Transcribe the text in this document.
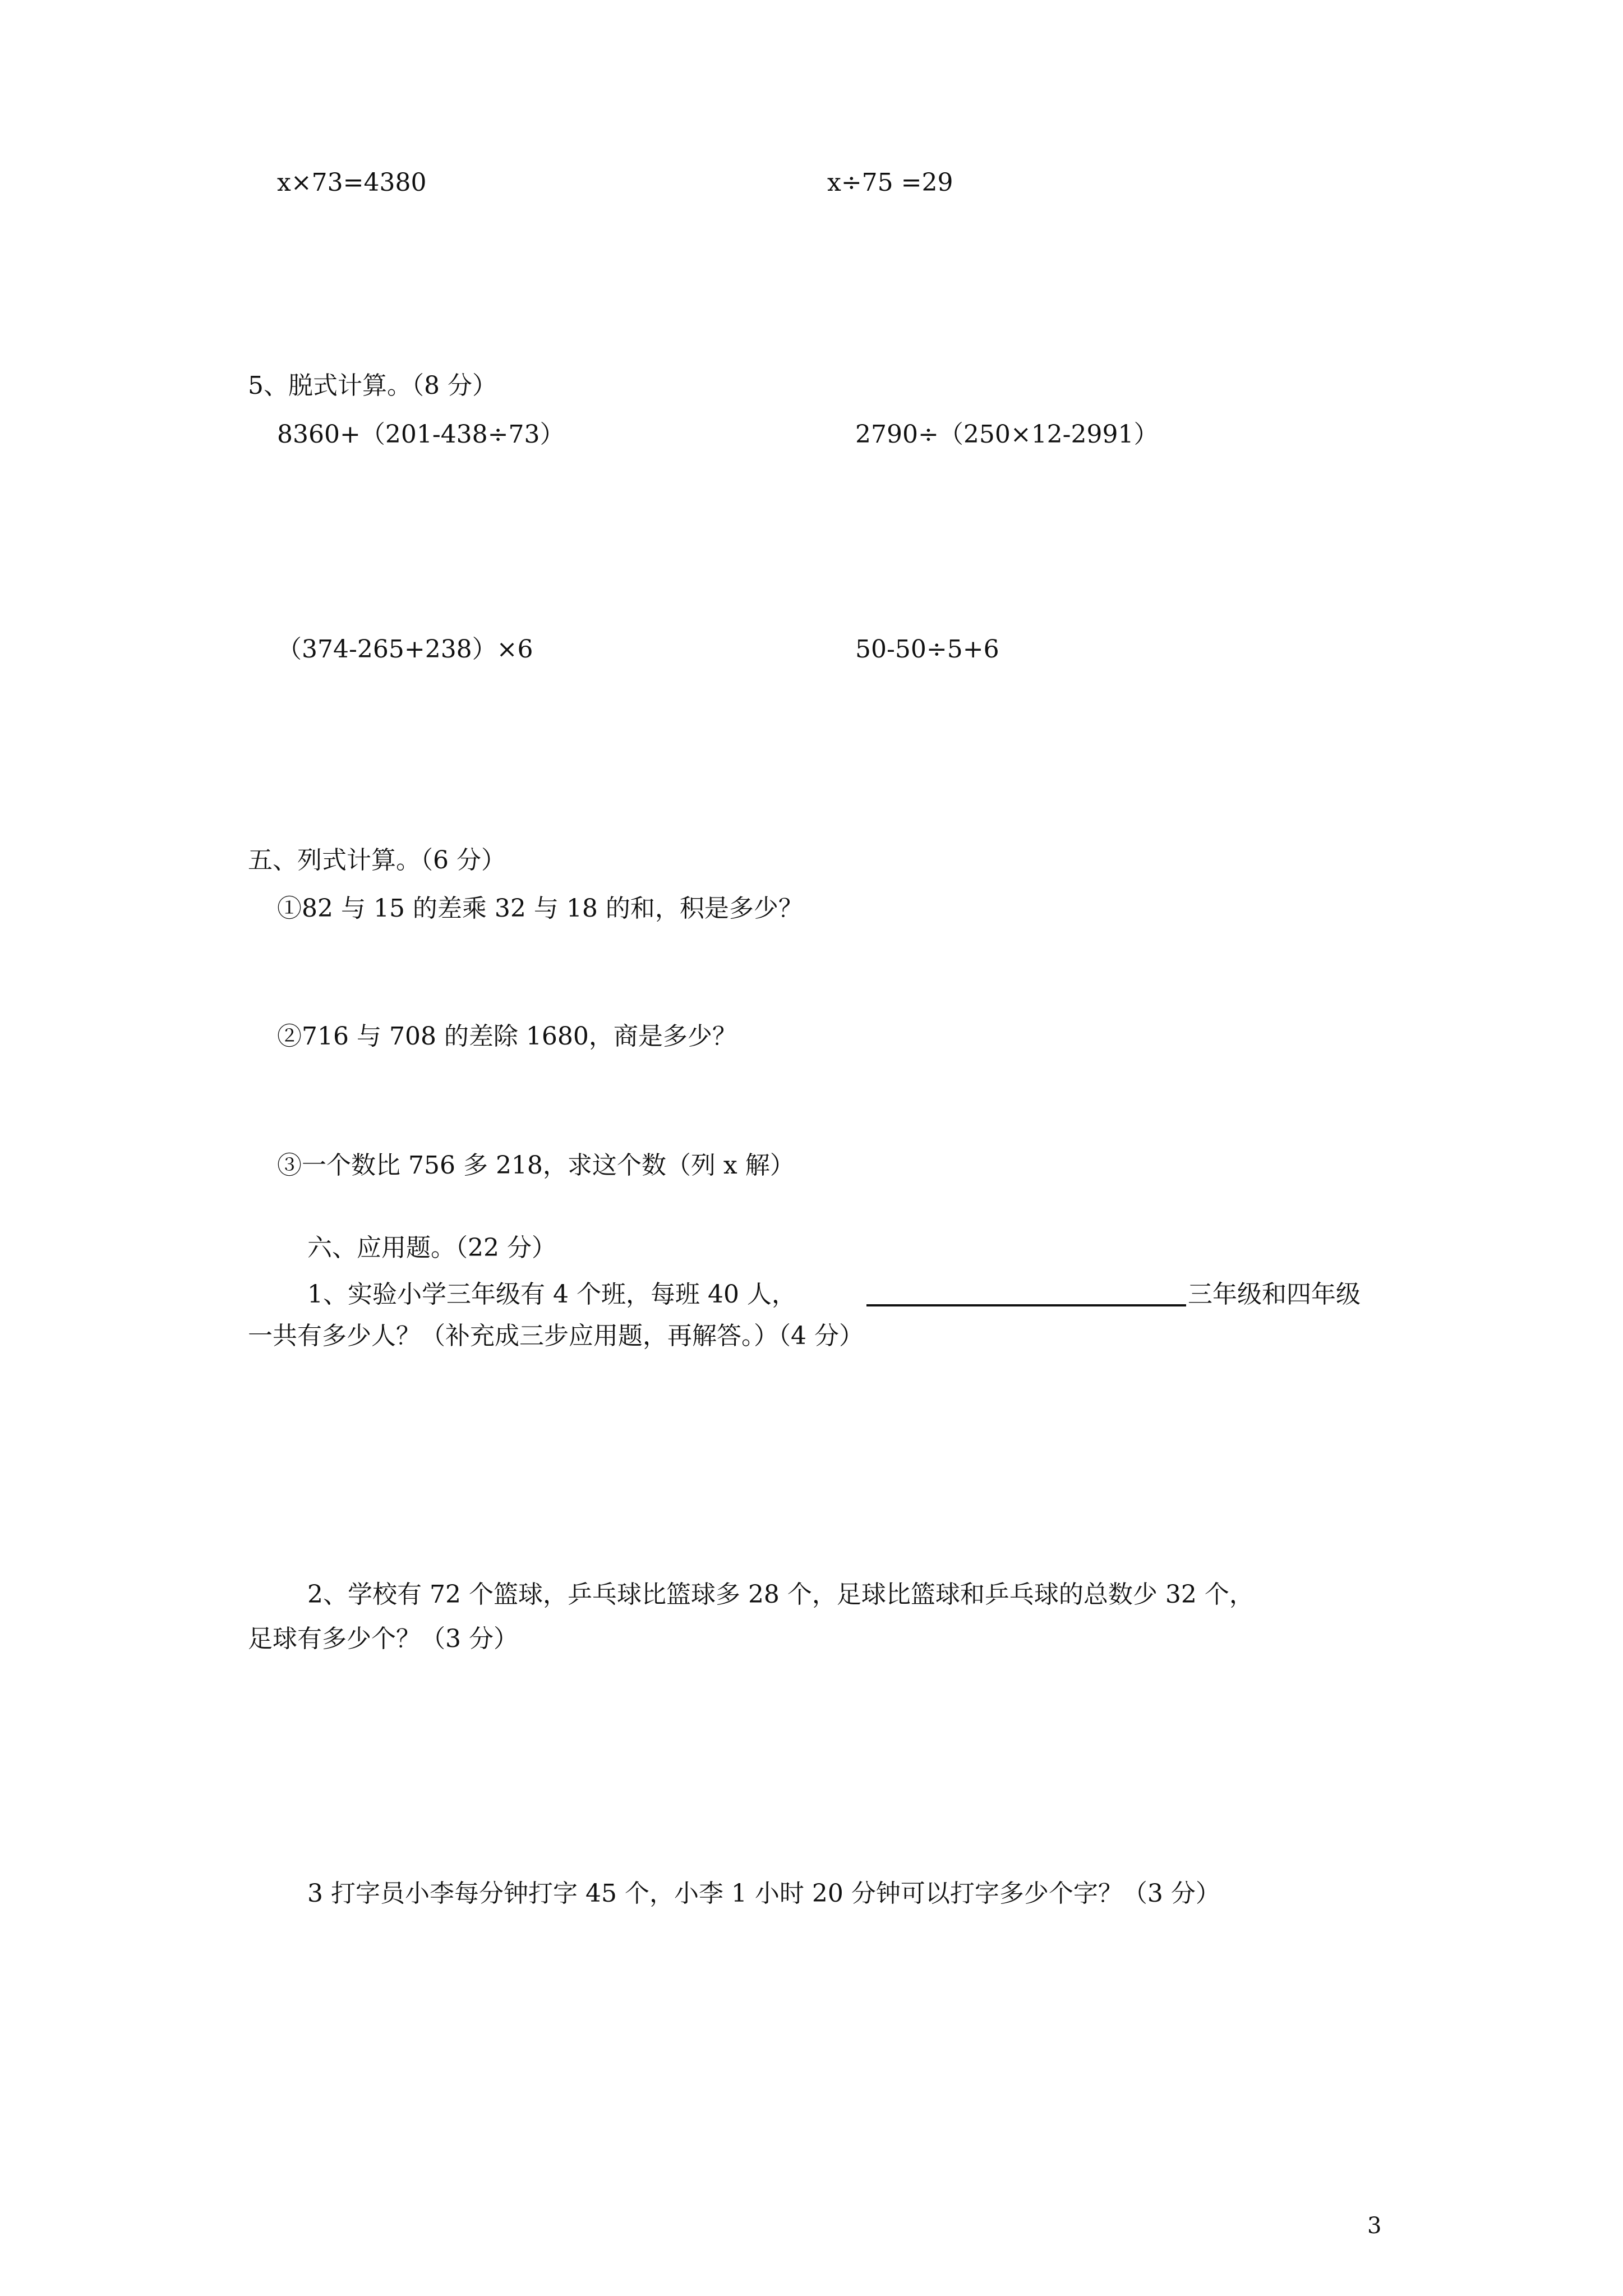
x×73=4380	x÷75 =29
5、脱式计算。（8 分）
8360+（201-438÷73）	2790÷（250×12-2991）
（374-265+238）×6	50-50÷5+6
五、列式计算。（6 分）
①82 与 15 的差乘 32 与 18 的和，积是多少？
②716 与 708 的差除 1680，商是多少？
③一个数比 756 多 218，求这个数（列 x 解）
六、应用题。（22 分）
1、实验小学三年级有 4 个班，每班 40 人，	三年级和四年级
一共有多少人？（补充成三步应用题，再解答。）（4 分）
2、学校有 72 个篮球，乒乓球比篮球多 28 个，足球比篮球和乒乓球的总数少 32 个，
足球有多少个？（3 分）
3 打字员小李每分钟打字 45 个，小李 1 小时 20 分钟可以打字多少个字？（3 分）
3
